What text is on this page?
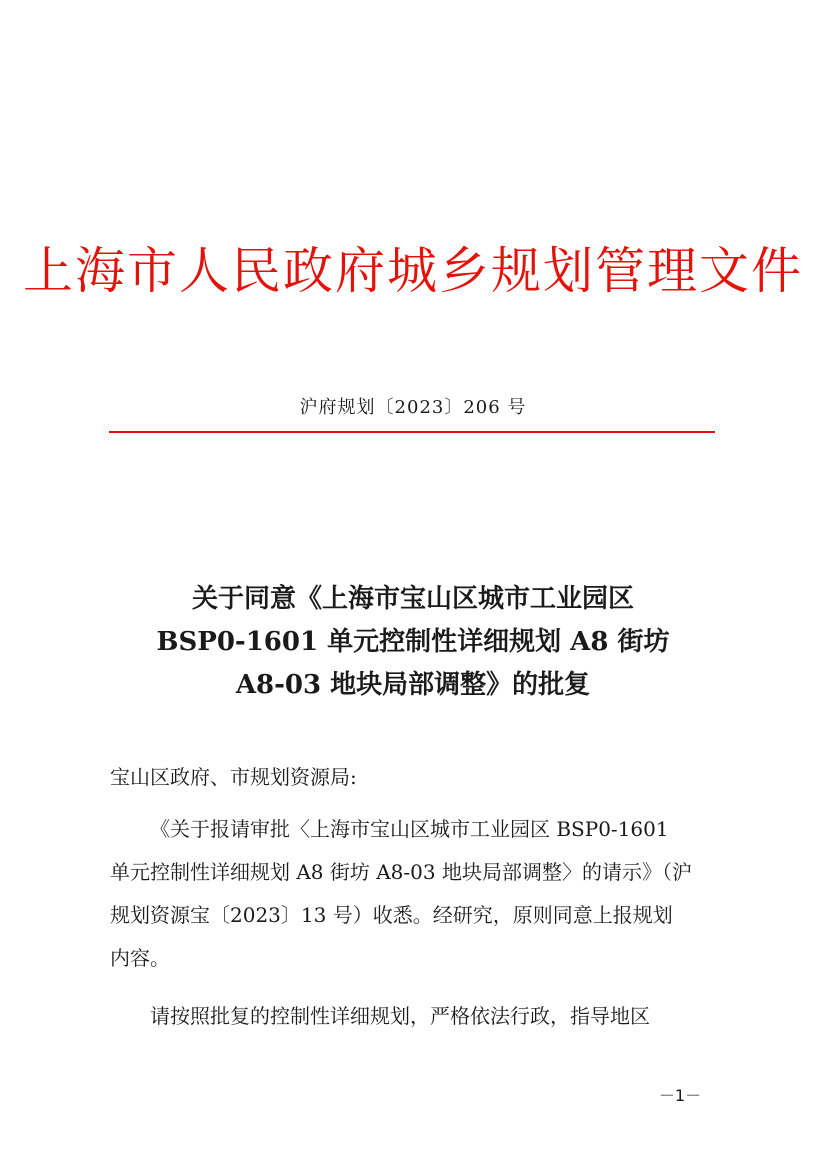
上海市人民政府城乡规划管理文件
沪府规划〔2023〕206 号
关于同意《上海市宝山区城市工业园区
BSP0-1601 单元控制性详细规划 A8 街坊
A8-03 地块局部调整》的批复
宝山区政府、市规划资源局:
《关于报请审批〈上海市宝山区城市工业园区 BSP0-1601
单元控制性详细规划 A8 街坊 A8-03 地块局部调整〉的请示》（沪
规划资源宝〔2023〕13 号）收悉。经研究，原则同意上报规划
内容。
请按照批复的控制性详细规划，严格依法行政，指导地区
－1－
